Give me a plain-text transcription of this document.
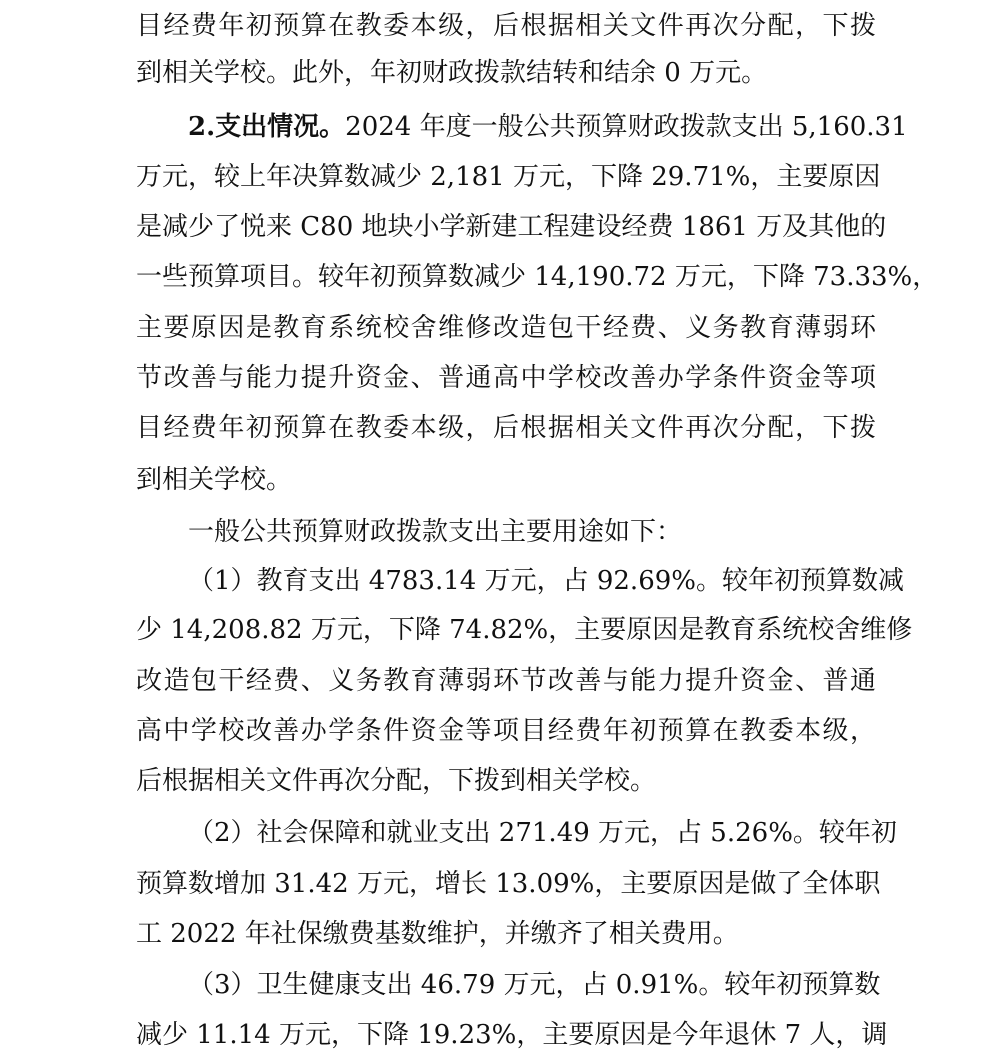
目经费年初预算在教委本级，后根据相关文件再次分配，下拨
到相关学校。此外，年初财政拨款结转和结余 0 万元。
2.支出情况。2024 年度一般公共预算财政拨款支出 5,160.31
万元，较上年决算数减少 2,181 万元，下降 29.71%，主要原因
是减少了悦来 C80 地块小学新建工程建设经费 1861 万及其他的
一些预算项目。较年初预算数减少 14,190.72 万元，下降 73.33%，
主要原因是教育系统校舍维修改造包干经费、义务教育薄弱环
节改善与能力提升资金、普通高中学校改善办学条件资金等项
目经费年初预算在教委本级，后根据相关文件再次分配，下拨
到相关学校。
一般公共预算财政拨款支出主要用途如下：
（1）教育支出 4783.14 万元，占 92.69%。较年初预算数减
少 14,208.82 万元，下降 74.82%，主要原因是教育系统校舍维修
改造包干经费、义务教育薄弱环节改善与能力提升资金、普通
高中学校改善办学条件资金等项目经费年初预算在教委本级，
后根据相关文件再次分配，下拨到相关学校。
（2）社会保障和就业支出 271.49 万元，占 5.26%。较年初
预算数增加 31.42 万元，增长 13.09%，主要原因是做了全体职
工 2022 年社保缴费基数维护，并缴齐了相关费用。
（3）卫生健康支出 46.79 万元，占 0.91%。较年初预算数
减少 11.14 万元，下降 19.23%，主要原因是今年退休 7 人，调
